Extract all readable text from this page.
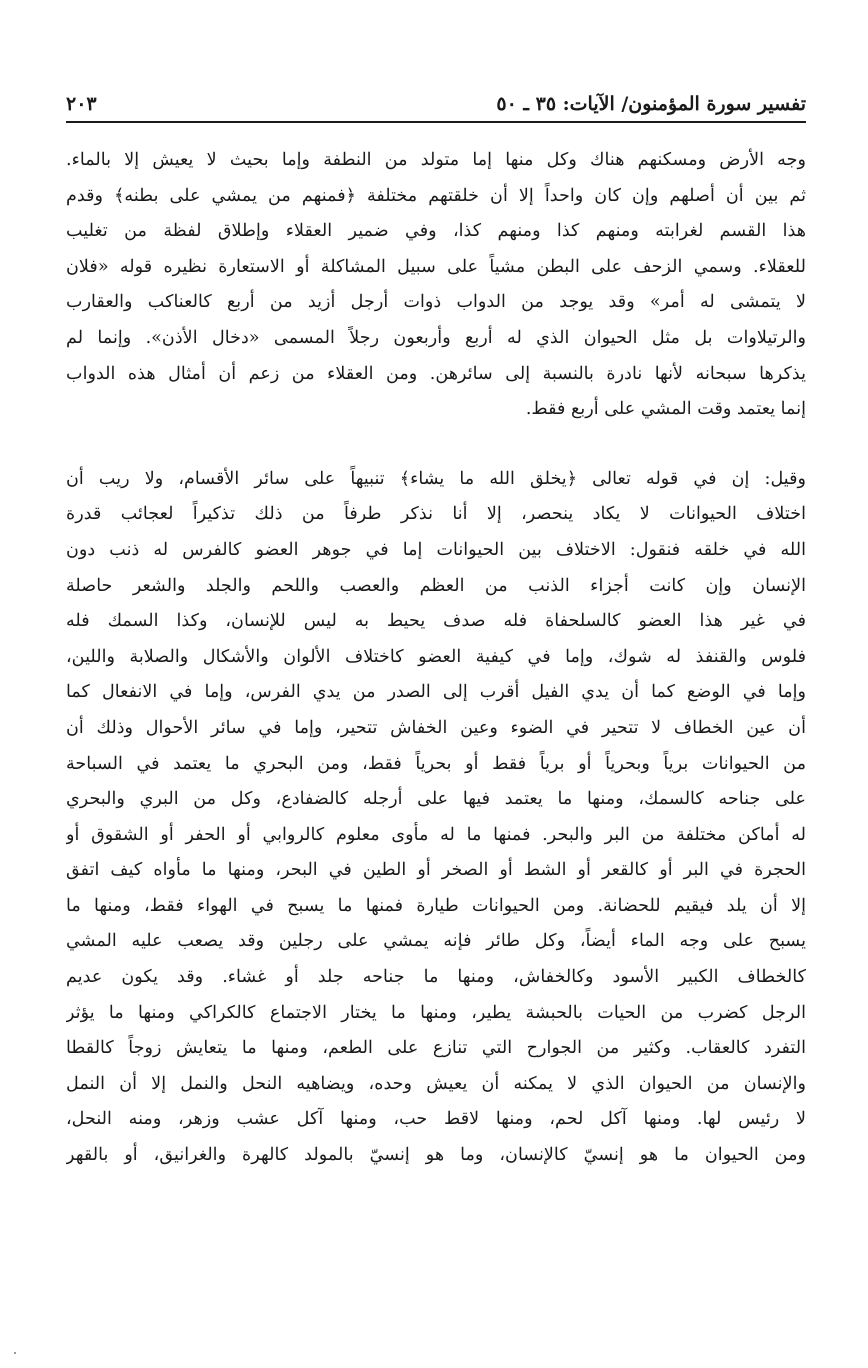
تفسير سورة المؤمنون/ الآيات: ٣٥ ـ ٥٠
٢٠٣
وجه الأرض ومسكنهم هناك وكل منها إما متولد من النطفة وإما بحيث لا يعيش إلا بالماء.
ثم بين أن أصلهم وإن كان واحداً إلا أن خلقتهم مختلفة ﴿فمنهم من يمشي على بطنه﴾ وقدم
هذا القسم لغرابته ومنهم كذا ومنهم كذا، وفي ضمير العقلاء وإطلاق لفظة من تغليب
للعقلاء. وسمي الزحف على البطن مشياً على سبيل المشاكلة أو الاستعارة نظيره قوله «فلان
لا يتمشى له أمر» وقد يوجد من الدواب ذوات أرجل أزيد من أربع كالعناكب والعقارب
والرتيلاوات بل مثل الحيوان الذي له أربع وأربعون رجلاً المسمى «دخال الأذن». وإنما لم
يذكرها سبحانه لأنها نادرة بالنسبة إلى سائرهن. ومن العقلاء من زعم أن أمثال هذه الدواب
إنما يعتمد وقت المشي على أربع فقط.
وقيل: إن في قوله تعالى ﴿يخلق الله ما يشاء﴾ تنبيهاً على سائر الأقسام، ولا ريب أن
اختلاف الحيوانات لا يكاد ينحصر، إلا أنا نذكر طرفاً من ذلك تذكيراً لعجائب قدرة
الله في خلقه فنقول: الاختلاف بين الحيوانات إما في جوهر العضو كالفرس له ذنب دون
الإنسان وإن كانت أجزاء الذنب من العظم والعصب واللحم والجلد والشعر حاصلة
في غير هذا العضو كالسلحفاة فله صدف يحيط به ليس للإنسان، وكذا السمك فله
فلوس والقنفذ له شوك، وإما في كيفية العضو كاختلاف الألوان والأشكال والصلابة واللين،
وإما في الوضع كما أن يدي الفيل أقرب إلى الصدر من يدي الفرس، وإما في الانفعال كما
أن عين الخطاف لا تتحير في الضوء وعين الخفاش تتحير، وإما في سائر الأحوال وذلك أن
من الحيوانات برياً وبحرياً أو برياً فقط أو بحرياً فقط، ومن البحري ما يعتمد في السباحة
على جناحه كالسمك، ومنها ما يعتمد فيها على أرجله كالضفادع، وكل من البري والبحري
له أماكن مختلفة من البر والبحر. فمنها ما له مأوى معلوم كالروابي أو الحفر أو الشقوق أو
الحجرة في البر أو كالقعر أو الشط أو الصخر أو الطين في البحر، ومنها ما مأواه كيف اتفق
إلا أن يلد فيقيم للحضانة. ومن الحيوانات طيارة فمنها ما يسبح في الهواء فقط، ومنها ما
يسبح على وجه الماء أيضاً، وكل طائر فإنه يمشي على رجلين وقد يصعب عليه المشي
كالخطاف الكبير الأسود وكالخفاش، ومنها ما جناحه جلد أو غشاء. وقد يكون عديم
الرجل كضرب من الحيات بالحبشة يطير، ومنها ما يختار الاجتماع كالكراكي ومنها ما يؤثر
التفرد كالعقاب. وكثير من الجوارح التي تنازع على الطعم، ومنها ما يتعايش زوجاً كالقطا
والإنسان من الحيوان الذي لا يمكنه أن يعيش وحده، ويضاهيه النحل والنمل إلا أن النمل
لا رئيس لها. ومنها آكل لحم، ومنها لاقط حب، ومنها آكل عشب وزهر، ومنه النحل،
ومن الحيوان ما هو إنسيّ كالإنسان، وما هو إنسيّ بالمولد كالهرة والغرانيق، أو بالقهر
